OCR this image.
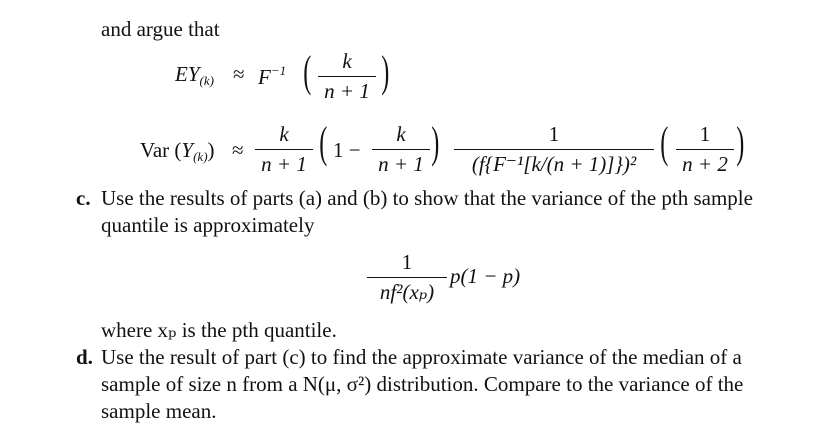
and argue that
$EY_{(k)} \approx F^{-1}$ ( k
n + 1 )
Var $(Y_{(k)})$ ≈
k
n + 1 ( 1 −
k
n + 1 )	1
(f{F⁻¹[k/(n + 1)]})² ( 1
n + 2 )
c. Use the results of parts (a) and (b) to show that the variance of the pth sample
quantile is approximately
1
nf²(xₚ)
p(1 − p)
where xₚ is the pth quantile.
d. Use the result of part (c) to find the approximate variance of the median of a
sample of size n from a N(μ, σ²) distribution. Compare to the variance of the
sample mean.
